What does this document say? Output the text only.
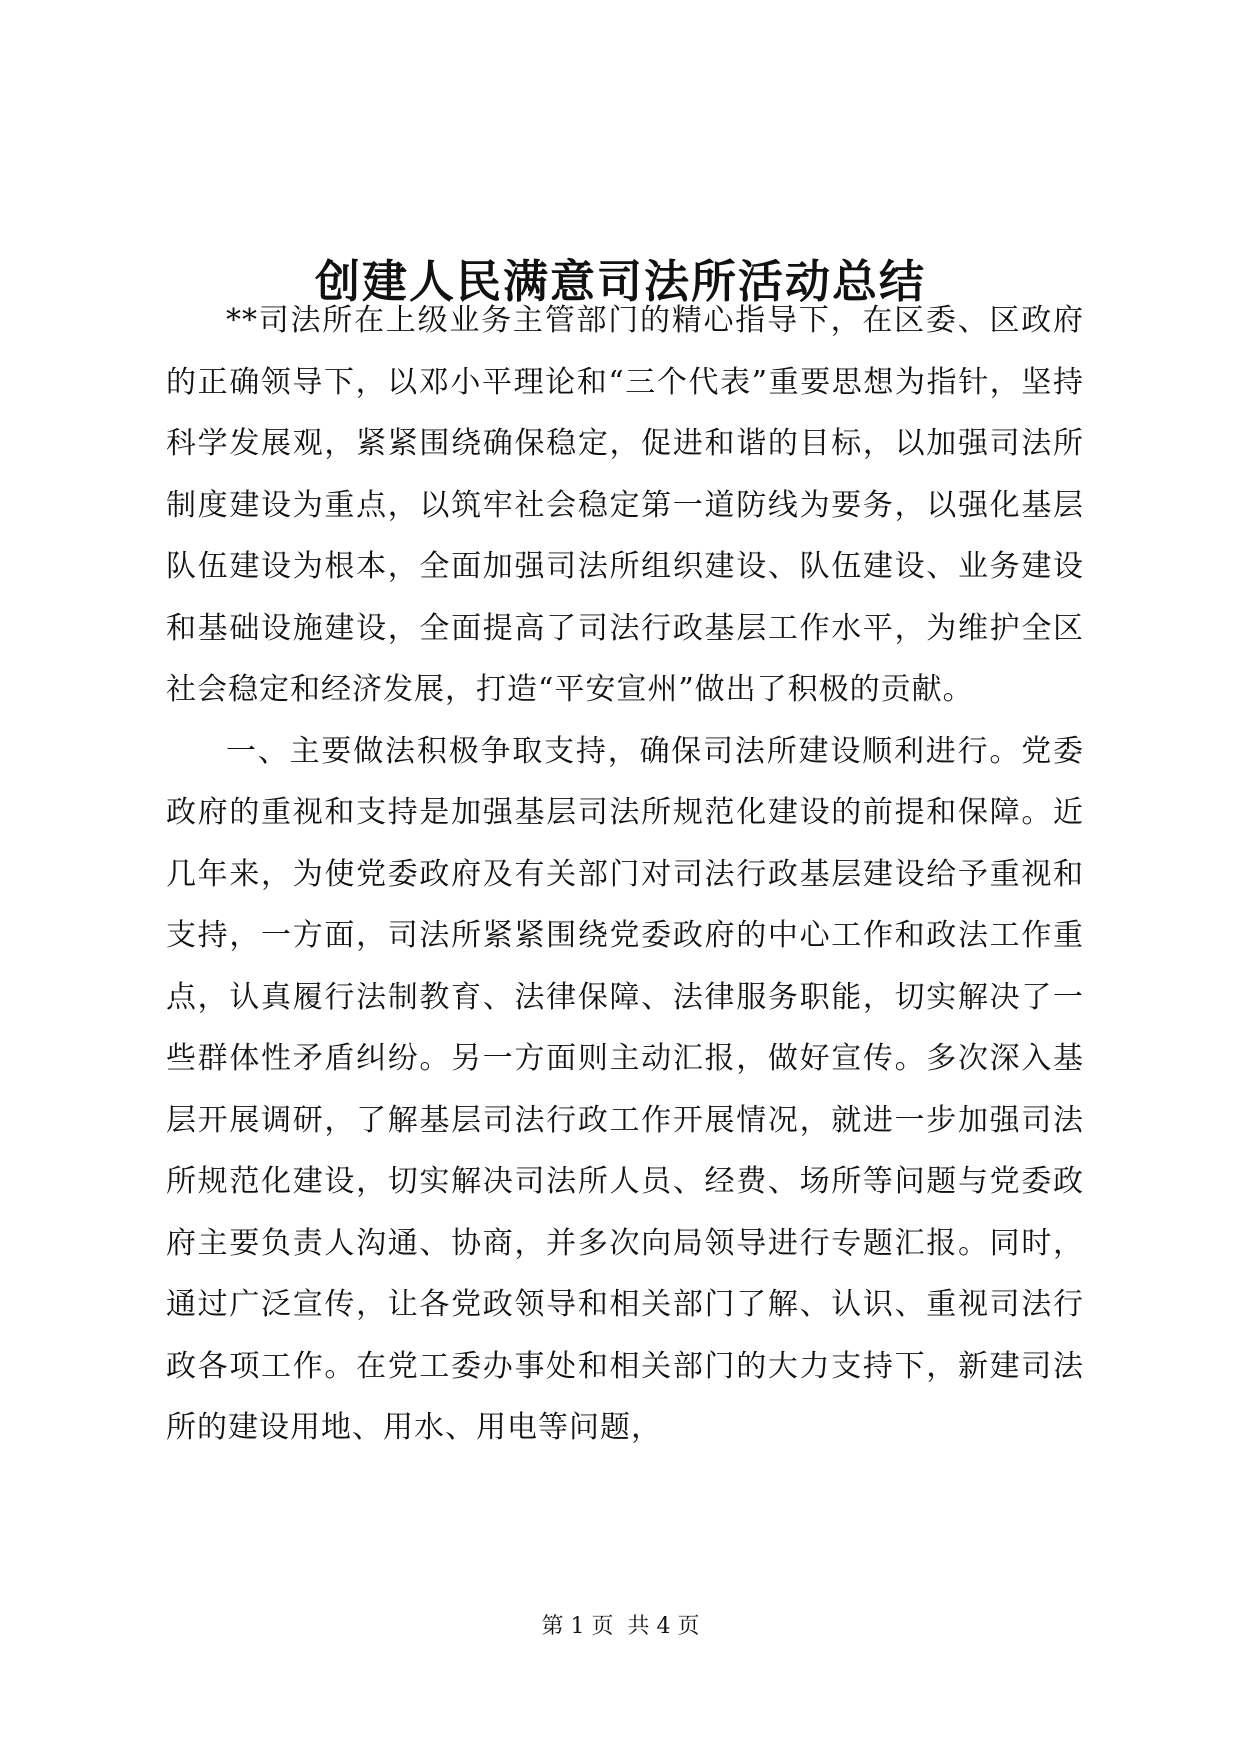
创建人民满意司法所活动总结

**司法所在上级业务主管部门的精心指导下，在区委、区政府的正确领导下，以邓小平理论和“三个代表”重要思想为指针，坚持科学发展观，紧紧围绕确保稳定，促进和谐的目标，以加强司法所制度建设为重点，以筑牢社会稳定第一道防线为要务，以强化基层队伍建设为根本，全面加强司法所组织建设、队伍建设、业务建设和基础设施建设，全面提高了司法行政基层工作水平，为维护全区社会稳定和经济发展，打造“平安宣州”做出了积极的贡献。

一、主要做法积极争取支持，确保司法所建设顺利进行。党委政府的重视和支持是加强基层司法所规范化建设的前提和保障。近几年来，为使党委政府及有关部门对司法行政基层建设给予重视和支持，一方面，司法所紧紧围绕党委政府的中心工作和政法工作重点，认真履行法制教育、法律保障、法律服务职能，切实解决了一些群体性矛盾纠纷。另一方面则主动汇报，做好宣传。多次深入基层开展调研，了解基层司法行政工作开展情况，就进一步加强司法所规范化建设，切实解决司法所人员、经费、场所等问题与党委政府主要负责人沟通、协商，并多次向局领导进行专题汇报。同时，通过广泛宣传，让各党政领导和相关部门了解、认识、重视司法行政各项工作。在党工委办事处和相关部门的大力支持下，新建司法所的建设用地、用水、用电等问题，

第 1 页  共 4 页
